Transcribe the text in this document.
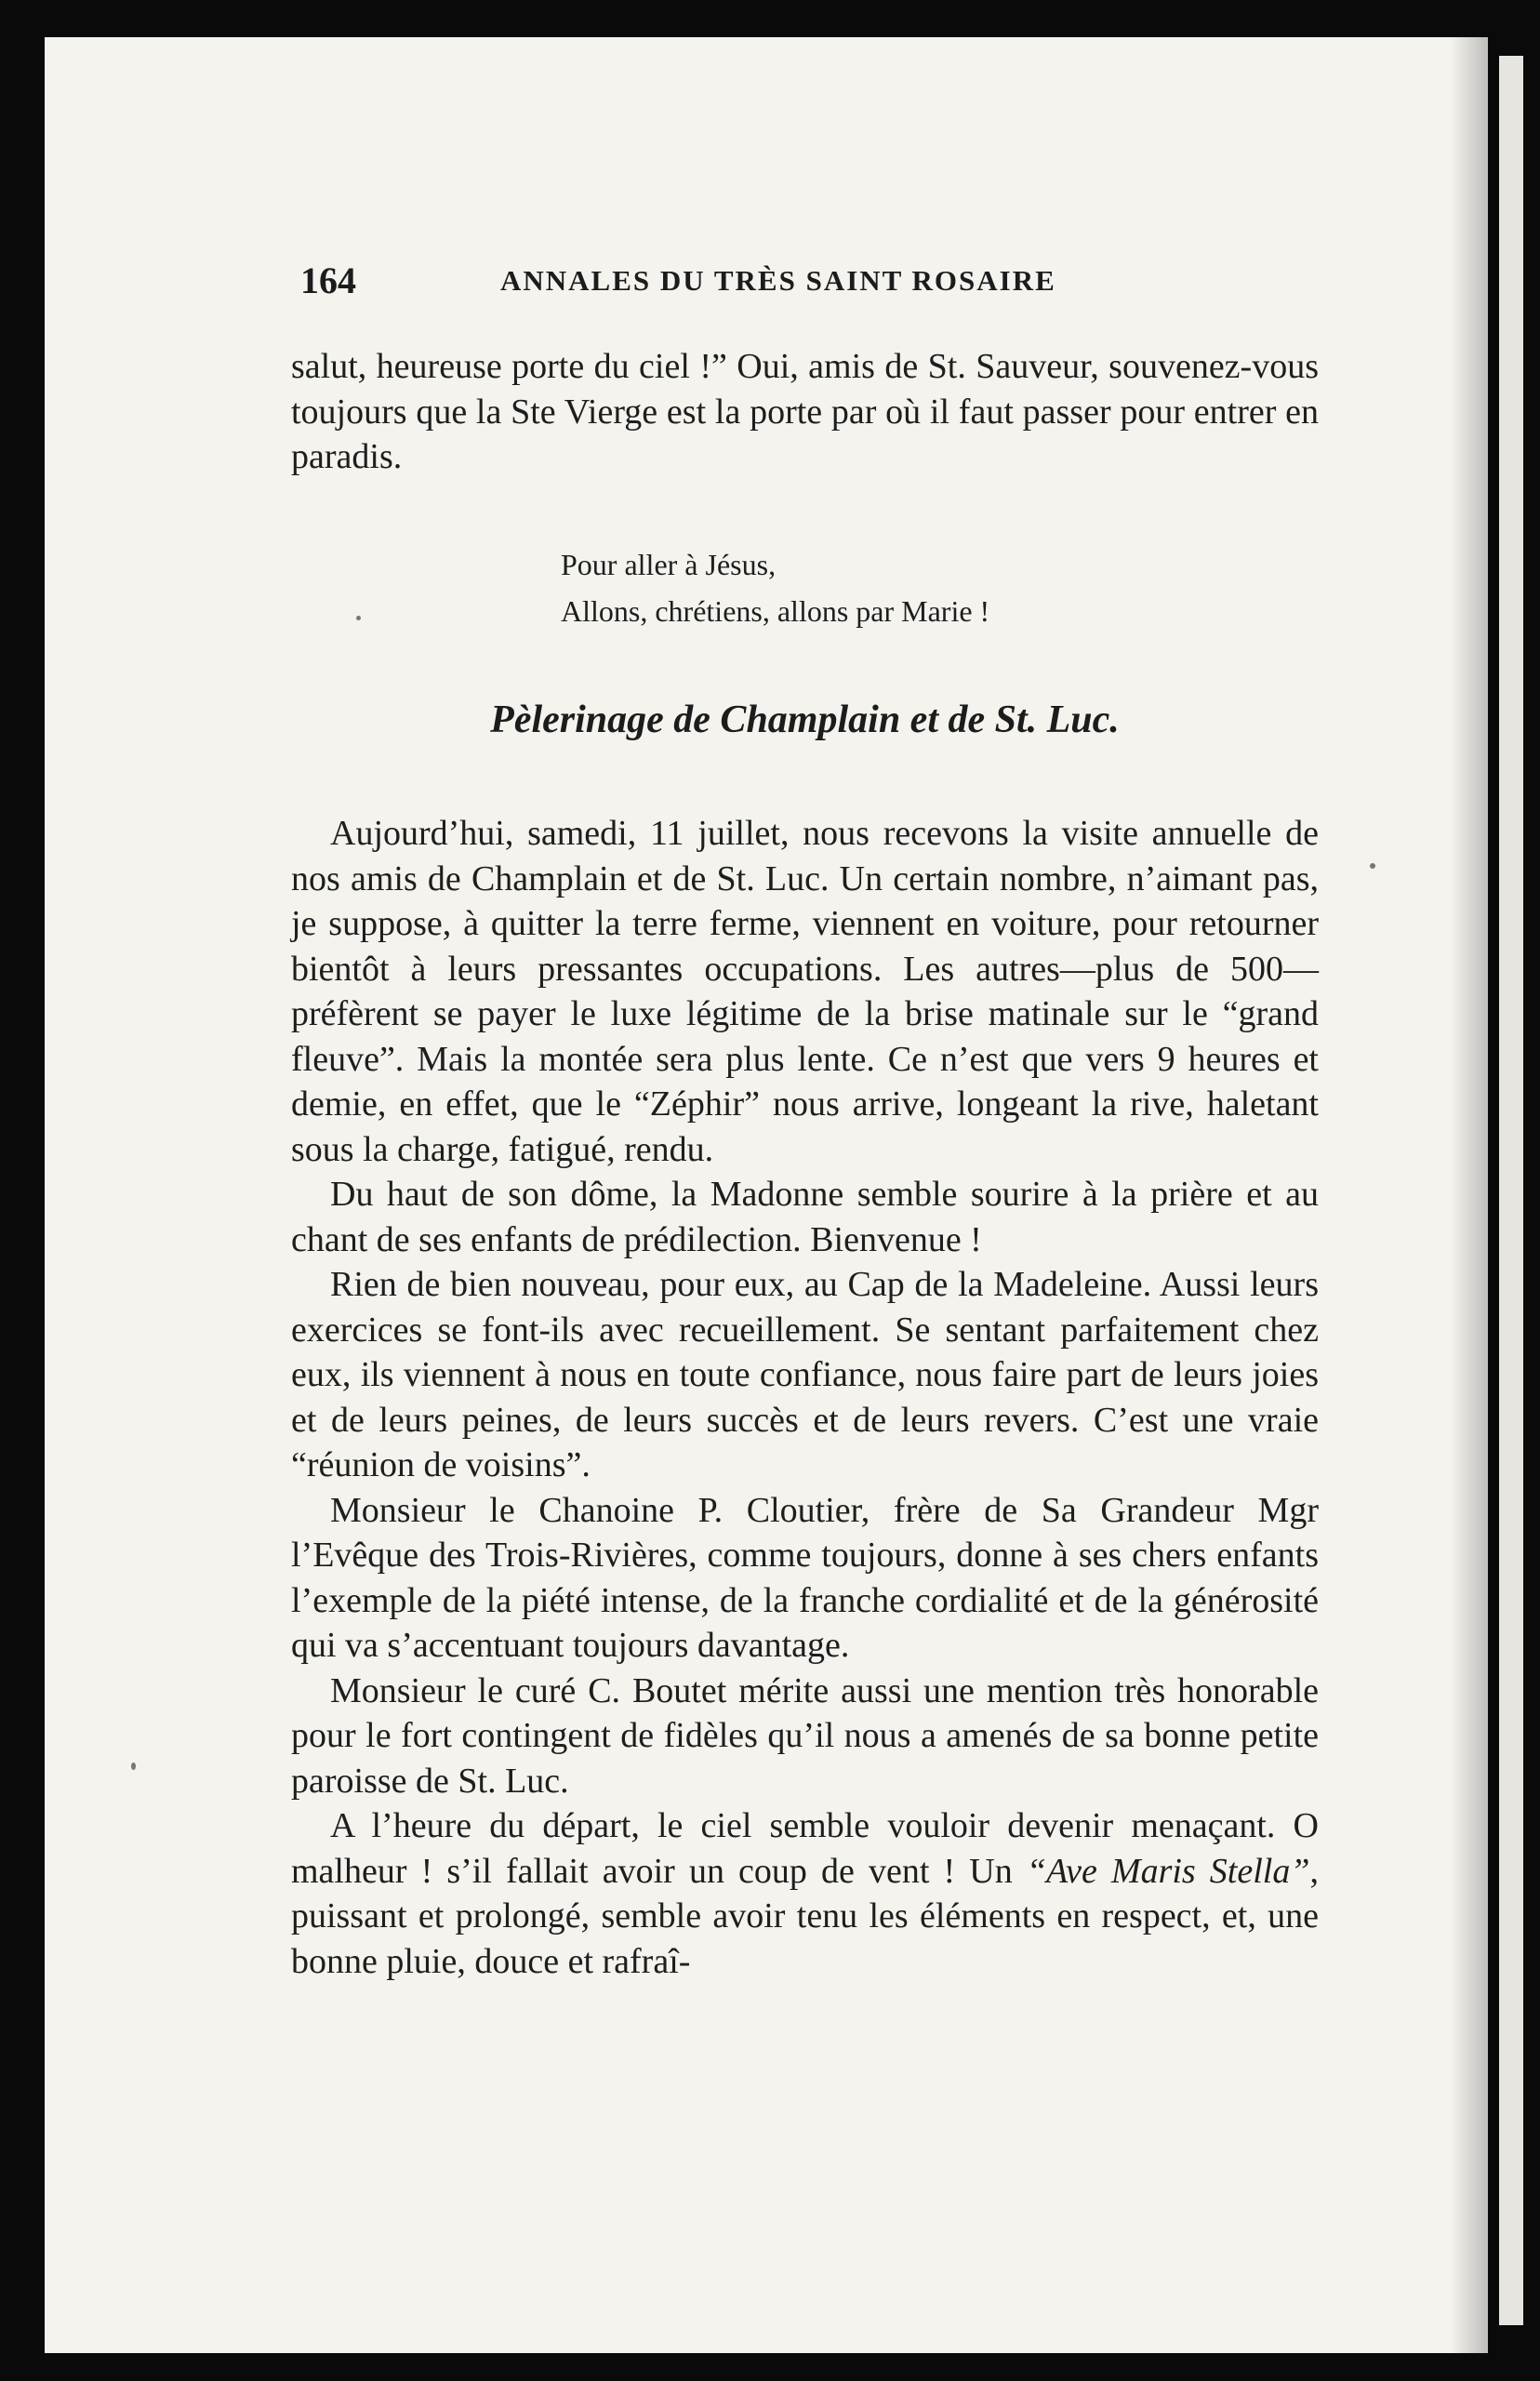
164	ANNALES DU TRÈS SAINT ROSAIRE

salut, heureuse porte du ciel !” Oui, amis de St. Sauveur, souvenez-vous toujours que la Ste Vierge est la porte par où il faut passer pour entrer en paradis.

Pour aller à Jésus,
Allons, chrétiens, allons par Marie !
Pèlerinage de Champlain et de St. Luc.

Aujourd’hui, samedi, 11 juillet, nous recevons la visite annuelle de nos amis de Champlain et de St. Luc. Un certain nombre, n’aimant pas, je suppose, à quitter la terre ferme, viennent en voiture, pour retourner bientôt à leurs pressantes occupations. Les autres—plus de 500—préfèrent se payer le luxe légitime de la brise matinale sur le “grand fleuve”. Mais la montée sera plus lente. Ce n’est que vers 9 heures et demie, en effet, que le “Zéphir” nous arrive, longeant la rive, haletant sous la charge, fatigué, rendu.

Du haut de son dôme, la Madonne semble sourire à la prière et au chant de ses enfants de prédilection. Bienvenue !

Rien de bien nouveau, pour eux, au Cap de la Madeleine. Aussi leurs exercices se font-ils avec recueillement. Se sentant parfaitement chez eux, ils viennent à nous en toute confiance, nous faire part de leurs joies et de leurs peines, de leurs succès et de leurs revers. C’est une vraie “réunion de voisins”.

Monsieur le Chanoine P. Cloutier, frère de Sa Grandeur Mgr l’Evêque des Trois-Rivières, comme toujours, donne à ses chers enfants l’exemple de la piété intense, de la franche cordialité et de la générosité qui va s’accentuant toujours davantage.

Monsieur le curé C. Boutet mérite aussi une mention très honorable pour le fort contingent de fidèles qu’il nous a amenés de sa bonne petite paroisse de St. Luc.

A l’heure du départ, le ciel semble vouloir devenir menaçant. O malheur ! s’il fallait avoir un coup de vent ! Un “Ave Maris Stella”, puissant et prolongé, semble avoir tenu les éléments en respect, et, une bonne pluie, douce et rafraî-
